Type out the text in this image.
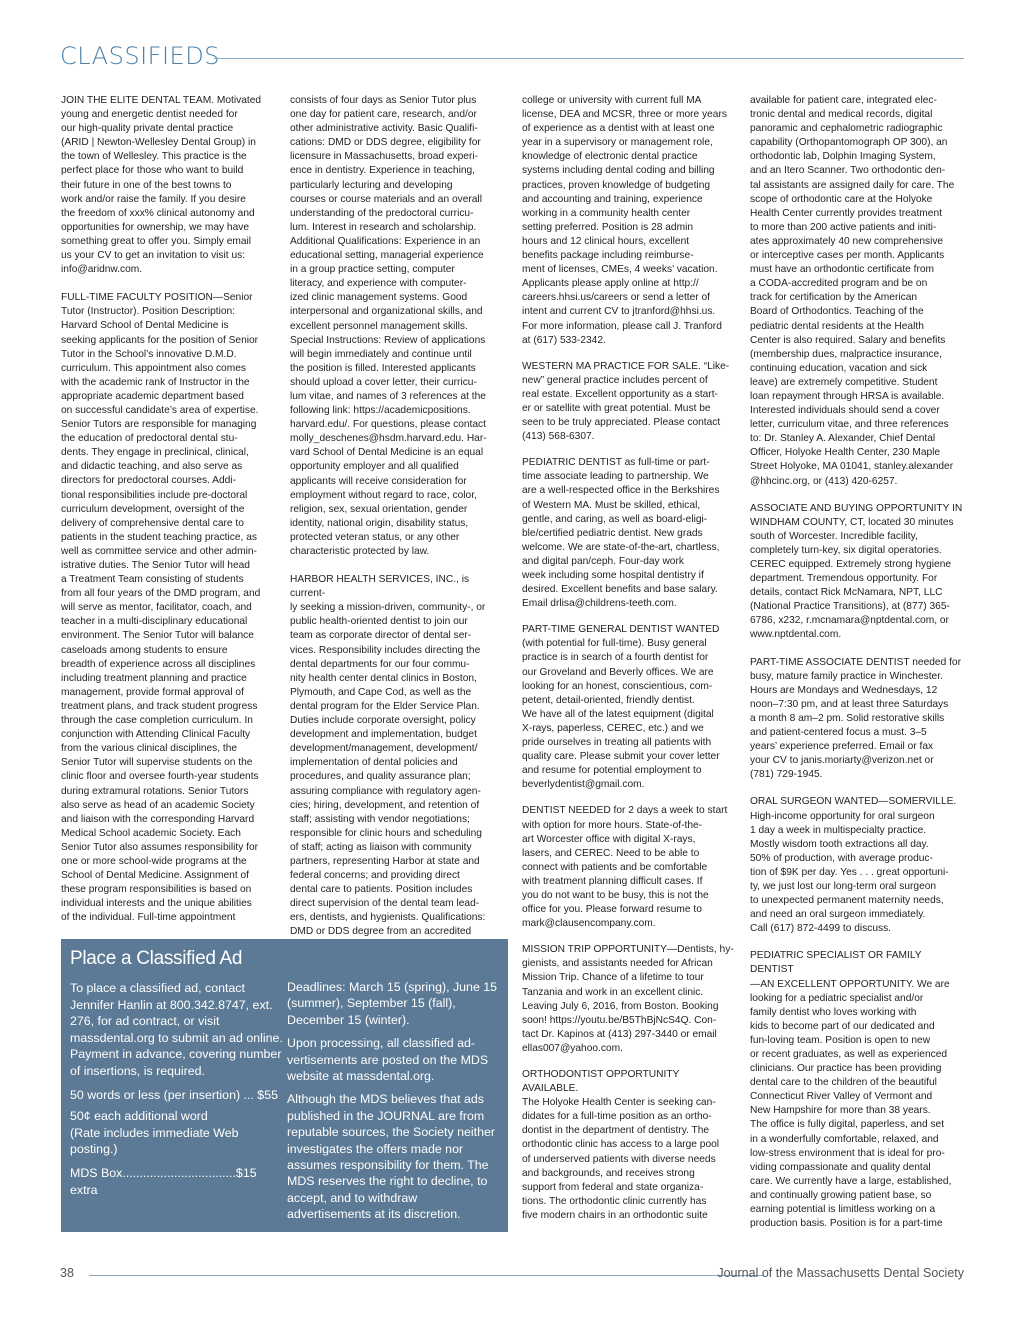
CLASSIFIEDS

JOIN THE ELITE DENTAL TEAM. Motivated
young and energetic dentist needed for
our high-quality private dental practice
(ARID | Newton-Wellesley Dental Group) in
the town of Wellesley. This practice is the
perfect place for those who want to build
their future in one of the best towns to
work and/or raise the family. If you desire
the freedom of xxx% clinical autonomy and
opportunities for ownership, we may have
something great to offer you. Simply email
us your CV to get an invitation to visit us:
info@aridnw.com.

FULL-TIME FACULTY POSITION—Senior
Tutor (Instructor). Position Description:
Harvard School of Dental Medicine is
seeking applicants for the position of Senior
Tutor in the School’s innovative D.M.D.
curriculum. This appointment also comes
with the academic rank of Instructor in the
appropriate academic department based
on successful candidate’s area of expertise.
Senior Tutors are responsible for managing
the education of predoctoral dental stu-
dents. They engage in preclinical, clinical,
and didactic teaching, and also serve as
directors for predoctoral courses. Addi-
tional responsibilities include pre-doctoral
curriculum development, oversight of the
delivery of comprehensive dental care to
patients in the student teaching practice, as
well as committee service and other admin-
istrative duties. The Senior Tutor will head
a Treatment Team consisting of students
from all four years of the DMD program, and
will serve as mentor, facilitator, coach, and
teacher in a multi-disciplinary educational
environment. The Senior Tutor will balance
caseloads among students to ensure
breadth of experience across all disciplines
including treatment planning and practice
management, provide formal approval of
treatment plans, and track student progress
through the case completion curriculum. In
conjunction with Attending Clinical Faculty
from the various clinical disciplines, the
Senior Tutor will supervise students on the
clinic floor and oversee fourth-year students
during extramural rotations. Senior Tutors
also serve as head of an academic Society
and liaison with the corresponding Harvard
Medical School academic Society. Each
Senior Tutor also assumes responsibility for
one or more school-wide programs at the
School of Dental Medicine. Assignment of
these program responsibilities is based on
individual interests and the unique abilities
of the individual. Full-time appointment

consists of four days as Senior Tutor plus
one day for patient care, research, and/or
other administrative activity. Basic Qualifi-
cations: DMD or DDS degree, eligibility for
licensure in Massachusetts, broad experi-
ence in dentistry. Experience in teaching,
particularly lecturing and developing
courses or course materials and an overall
understanding of the predoctoral curricu-
lum. Interest in research and scholarship.
Additional Qualifications: Experience in an
educational setting, managerial experience
in a group practice setting, computer
literacy, and experience with computer-
ized clinic management systems. Good
interpersonal and organizational skills, and
excellent personnel management skills.
Special Instructions: Review of applications
will begin immediately and continue until
the position is filled. Interested applicants
should upload a cover letter, their curricu-
lum vitae, and names of 3 references at the
following link: https://academicpositions.
harvard.edu/. For questions, please contact
molly_deschenes@hsdm.harvard.edu. Har-
vard School of Dental Medicine is an equal
opportunity employer and all qualified
applicants will receive consideration for
employment without regard to race, color,
religion, sex, sexual orientation, gender
identity, national origin, disability status,
protected veteran status, or any other
characteristic protected by law.

HARBOR HEALTH SERVICES, INC., is current-
ly seeking a mission-driven, community-, or
public health-oriented dentist to join our
team as corporate director of dental ser-
vices. Responsibility includes directing the
dental departments for our four commu-
nity health center dental clinics in Boston,
Plymouth, and Cape Cod, as well as the
dental program for the Elder Service Plan.
Duties include corporate oversight, policy
development and implementation, budget
development/management, development/
implementation of dental policies and
procedures, and quality assurance plan;
assuring compliance with regulatory agen-
cies; hiring, development, and retention of
staff; assisting with vendor negotiations;
responsible for clinic hours and scheduling
of staff; acting as liaison with community
partners, representing Harbor at state and
federal concerns; and providing direct
dental care to patients. Position includes
direct supervision of the dental team lead-
ers, dentists, and hygienists. Qualifications:
DMD or DDS degree from an accredited

college or university with current full MA
license, DEA and MCSR, three or more years
of experience as a dentist with at least one
year in a supervisory or management role,
knowledge of electronic dental practice
systems including dental coding and billing
practices, proven knowledge of budgeting
and accounting and training, experience
working in a community health center
setting preferred. Position is 28 admin
hours and 12 clinical hours, excellent
benefits package including reimburse-
ment of licenses, CMEs, 4 weeks’ vacation.
Applicants please apply online at http://
careers.hhsi.us/careers or send a letter of
intent and current CV to jtranford@hhsi.us.
For more information, please call J. Tranford
at (617) 533-2342.

WESTERN MA PRACTICE FOR SALE. “Like-
new” general practice includes percent of
real estate. Excellent opportunity as a start-
er or satellite with great potential. Must be
seen to be truly appreciated. Please contact
(413) 568-6307.

PEDIATRIC DENTIST as full-time or part-
time associate leading to partnership. We
are a well-respected office in the Berkshires
of Western MA. Must be skilled, ethical,
gentle, and caring, as well as board-eligi-
ble/certified pediatric dentist. New grads
welcome. We are state-of-the-art, chartless,
and digital pan/ceph. Four-day work
week including some hospital dentistry if
desired. Excellent benefits and base salary.
Email drlisa@childrens-teeth.com.

PART-TIME GENERAL DENTIST WANTED
(with potential for full-time). Busy general
practice is in search of a fourth dentist for
our Groveland and Beverly offices. We are
looking for an honest, conscientious, com-
petent, detail-oriented, friendly dentist.
We have all of the latest equipment (digital
X-rays, paperless, CEREC, etc.) and we
pride ourselves in treating all patients with
quality care. Please submit your cover letter
and resume for potential employment to
beverlydentist@gmail.com.

DENTIST NEEDED for 2 days a week to start
with option for more hours. State-of-the-
art Worcester office with digital X-rays,
lasers, and CEREC. Need to be able to
connect with patients and be comfortable
with treatment planning difficult cases. If
you do not want to be busy, this is not the
office for you. Please forward resume to
mark@clausencompany.com.

MISSION TRIP OPPORTUNITY—Dentists, hy-
gienists, and assistants needed for African
Mission Trip. Chance of a lifetime to tour
Tanzania and work in an excellent clinic.
Leaving July 6, 2016, from Boston. Booking
soon! https://youtu.be/B5ThBjNcS4Q. Con-
tact Dr. Kapinos at (413) 297-3440 or email
ellas007@yahoo.com.

ORTHODONTIST OPPORTUNITY AVAILABLE.
The Holyoke Health Center is seeking can-
didates for a full-time position as an ortho-
dontist in the department of dentistry. The
orthodontic clinic has access to a large pool
of underserved patients with diverse needs
and backgrounds, and receives strong
support from federal and state organiza-
tions. The orthodontic clinic currently has
five modern chairs in an orthodontic suite

available for patient care, integrated elec-
tronic dental and medical records, digital
panoramic and cephalometric radiographic
capability (Orthopantomograph OP 300), an
orthodontic lab, Dolphin Imaging System,
and an Itero Scanner. Two orthodontic den-
tal assistants are assigned daily for care. The
scope of orthodontic care at the Holyoke
Health Center currently provides treatment
to more than 200 active patients and initi-
ates approximately 40 new comprehensive
or interceptive cases per month. Applicants
must have an orthodontic certificate from
a CODA-accredited program and be on
track for certification by the American
Board of Orthodontics. Teaching of the
pediatric dental residents at the Health
Center is also required. Salary and benefits
(membership dues, malpractice insurance,
continuing education, vacation and sick
leave) are extremely competitive. Student
loan repayment through HRSA is available.
Interested individuals should send a cover
letter, curriculum vitae, and three references
to: Dr. Stanley A. Alexander, Chief Dental
Officer, Holyoke Health Center, 230 Maple
Street Holyoke, MA 01041, stanley.alexander
@hhcinc.org, or (413) 420-6257.

ASSOCIATE AND BUYING OPPORTUNITY IN
WINDHAM COUNTY, CT, located 30 minutes
south of Worcester. Incredible facility,
completely turn-key, six digital operatories.
CEREC equipped. Extremely strong hygiene
department. Tremendous opportunity. For
details, contact Rick McNamara, NPT, LLC
(National Practice Transitions), at (877) 365-
6786, x232, r.mcnamara@nptdental.com, or
www.nptdental.com.

PART-TIME ASSOCIATE DENTIST needed for
busy, mature family practice in Winchester.
Hours are Mondays and Wednesdays, 12
noon–7:30 pm, and at least three Saturdays
a month 8 am–2 pm. Solid restorative skills
and patient-centered focus a must. 3–5
years’ experience preferred. Email or fax
your CV to janis.moriarty@verizon.net or
(781) 729-1945.

ORAL SURGEON WANTED—SOMERVILLE.
High-income opportunity for oral surgeon
1 day a week in multispecialty practice.
Mostly wisdom tooth extractions all day.
50% of production, with average produc-
tion of $9K per day. Yes . . . great opportuni-
ty, we just lost our long-term oral surgeon
to unexpected permanent maternity needs,
and need an oral surgeon immediately.
Call (617) 872-4499 to discuss.

PEDIATRIC SPECIALIST OR FAMILY DENTIST
—AN EXCELLENT OPPORTUNITY. We are
looking for a pediatric specialist and/or
family dentist who loves working with
kids to become part of our dedicated and
fun-loving team. Position is open to new
or recent graduates, as well as experienced
clinicians. Our practice has been providing
dental care to the children of the beautiful
Connecticut River Valley of Vermont and
New Hampshire for more than 38 years.
The office is fully digital, paperless, and set
in a wonderfully comfortable, relaxed, and
low-stress environment that is ideal for pro-
viding compassionate and quality dental
care. We currently have a large, established,
and continually growing patient base, so
earning potential is limitless working on a
production basis. Position is for a part-time

Place a Classified Ad

To place a classified ad, contact Jennifer Hanlin at 800.342.8747, ext. 276, for ad contract, or visit massdental.org to submit an ad online. Payment in advance, covering number of insertions, is required.

50 words or less (per insertion) ... $55

50¢ each additional word
(Rate includes immediate Web posting.)

MDS Box.................................$15 extra

Deadlines: March 15 (spring), June 15 (summer), September 15 (fall), December 15 (winter).

Upon processing, all classified advertisements are posted on the MDS website at massdental.org.

Although the MDS believes that ads published in the JOURNAL are from reputable sources, the Society neither investigates the offers made nor assumes responsibility for them. The MDS reserves the right to decline, to accept, and to withdraw advertisements at its discretion.

38	Journal of the Massachusetts Dental Society
